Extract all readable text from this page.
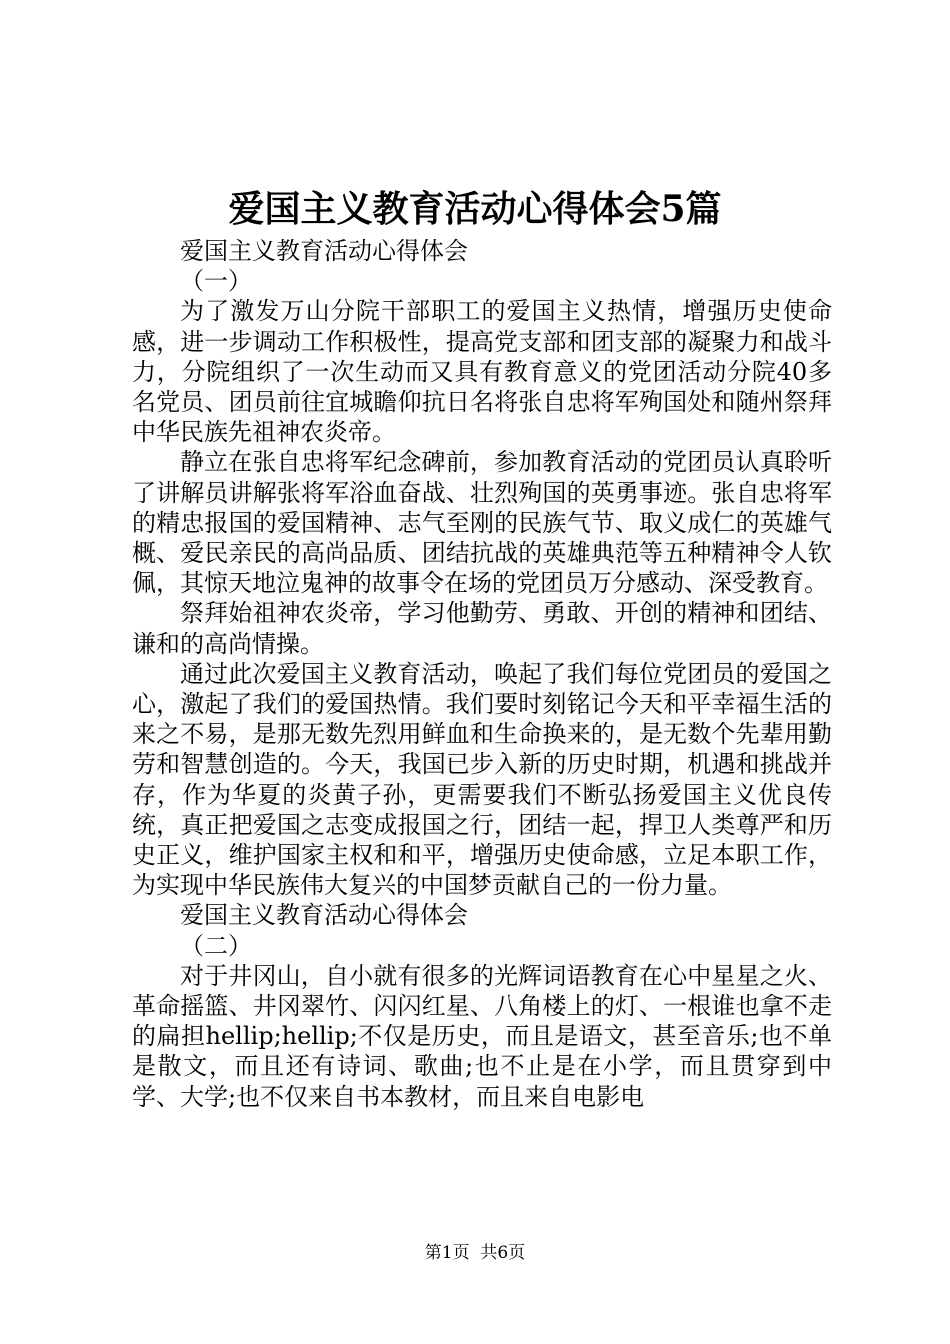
爱国主义教育活动心得体会5篇

爱国主义教育活动心得体会

（一）

为了激发万山分院干部职工的爱国主义热情，增强历史使命感，进一步调动工作积极性，提高党支部和团支部的凝聚力和战斗力，分院组织了一次生动而又具有教育意义的党团活动分院40多名党员、团员前往宜城瞻仰抗日名将张自忠将军殉国处和随州祭拜中华民族先祖神农炎帝。

静立在张自忠将军纪念碑前，参加教育活动的党团员认真聆听了讲解员讲解张将军浴血奋战、壮烈殉国的英勇事迹。张自忠将军的精忠报国的爱国精神、志气至刚的民族气节、取义成仁的英雄气概、爱民亲民的高尚品质、团结抗战的英雄典范等五种精神令人钦佩，其惊天地泣鬼神的故事令在场的党团员万分感动、深受教育。

祭拜始祖神农炎帝，学习他勤劳、勇敢、开创的精神和团结、谦和的高尚情操。

通过此次爱国主义教育活动，唤起了我们每位党团员的爱国之心，激起了我们的爱国热情。我们要时刻铭记今天和平幸福生活的来之不易，是那无数先烈用鲜血和生命换来的，是无数个先辈用勤劳和智慧创造的。今天，我国已步入新的历史时期，机遇和挑战并存，作为华夏的炎黄子孙，更需要我们不断弘扬爱国主义优良传统，真正把爱国之志变成报国之行，团结一起，捍卫人类尊严和历史正义，维护国家主权和和平，增强历史使命感，立足本职工作，为实现中华民族伟大复兴的中国梦贡献自己的一份力量。

爱国主义教育活动心得体会

（二）

对于井冈山，自小就有很多的光辉词语教育在心中星星之火、革命摇篮、井冈翠竹、闪闪红星、八角楼上的灯、一根谁也拿不走的扁担hellip;hellip;不仅是历史，而且是语文，甚至音乐;也不单是散文，而且还有诗词、歌曲;也不止是在小学，而且贯穿到中学、大学;也不仅来自书本教材，而且来自电影电

第1页  共6页
